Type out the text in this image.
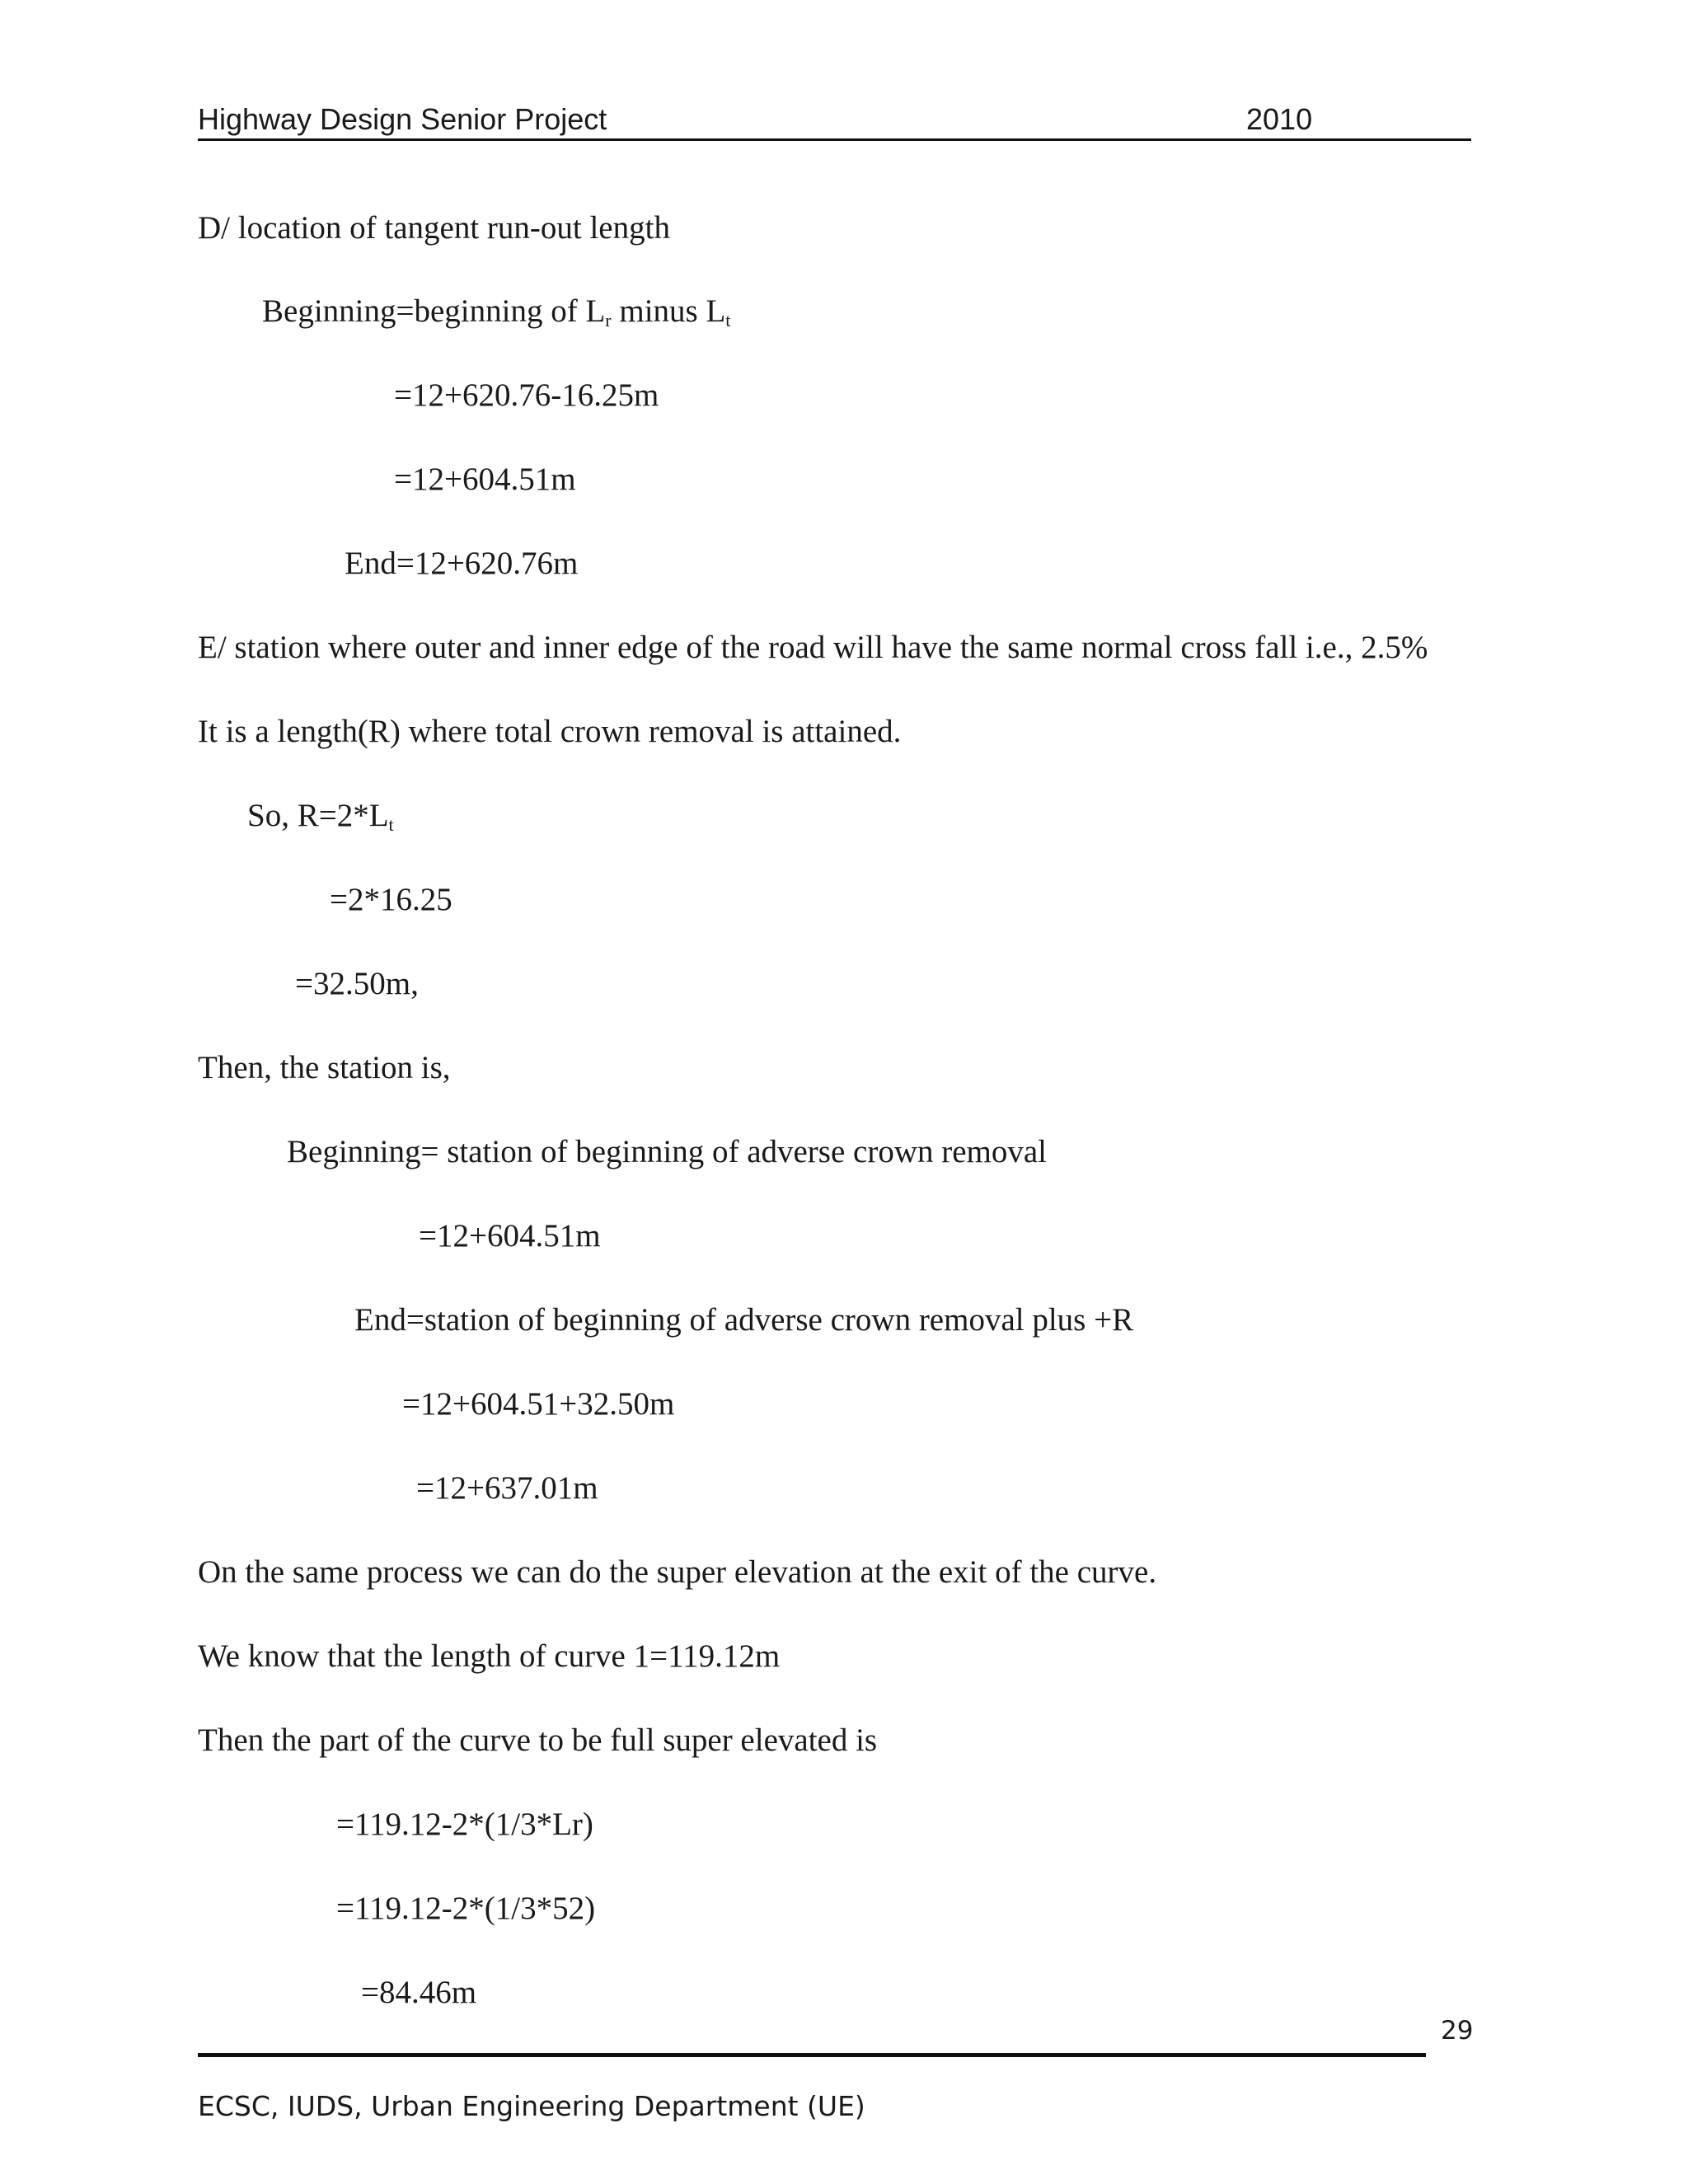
Highway Design Senior Project	2010
D/ location of tangent run-out length
Beginning=beginning of $L_r$ minus $L_t$
=12+620.76-16.25m
=12+604.51m
End=12+620.76m
E/ station where outer and inner edge of the road will have the same normal cross fall i.e., 2.5%
It is a length(R) where total crown removal is attained.
So, $R=2*L_t$
=2*16.25
=32.50m,
Then, the station is,
Beginning= station of beginning of adverse crown removal
=12+604.51m
End=station of beginning of adverse crown removal plus +R
=12+604.51+32.50m
=12+637.01m
On the same process we can do the super elevation at the exit of the curve.
We know that the length of curve 1=119.12m
Then the part of the curve to be full super elevated is
=119.12-2*(1/3*Lr)
=119.12-2*(1/3*52)
=84.46m
29
ECSC, IUDS, Urban Engineering Department (UE)
